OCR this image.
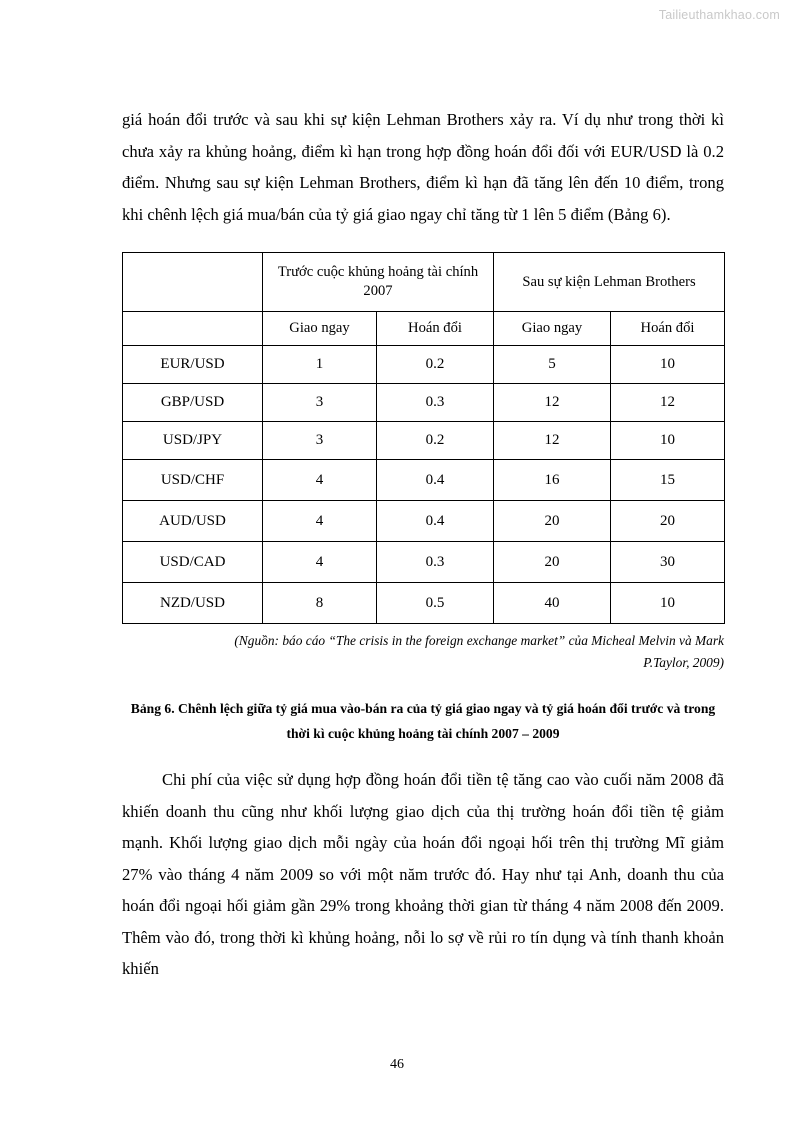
Tailieuthamkhao.com

giá hoán đổi trước và sau khi sự kiện Lehman Brothers xảy ra. Ví dụ như trong thời kì chưa xảy ra khủng hoảng, điểm kì hạn trong hợp đồng hoán đổi đối với EUR/USD là 0.2 điểm. Nhưng sau sự kiện Lehman Brothers, điểm kì hạn đã tăng lên đến 10 điểm, trong khi chênh lệch giá mua/bán của tỷ giá giao ngay chỉ tăng từ 1 lên 5 điểm (Bảng 6).

	Trước cuộc khủng hoảng tài chính 2007		Sau sự kiện Lehman Brothers	
	Giao ngay	Hoán đổi	Giao ngay	Hoán đổi
EUR/USD	1	0.2	5	10
GBP/USD	3	0.3	12	12
USD/JPY	3	0.2	12	10
USD/CHF	4	0.4	16	15
AUD/USD	4	0.4	20	20
USD/CAD	4	0.3	20	30
NZD/USD	8	0.5	40	10
(Nguồn: báo cáo “The crisis in the foreign exchange market” của Micheal Melvin và Mark
P.Taylor, 2009)
Bảng 6. Chênh lệch giữa tỷ giá mua vào-bán ra của tỷ giá giao ngay và tỷ giá hoán đổi trước và trong thời kì cuộc khủng hoảng tài chính 2007 – 2009

Chi phí của việc sử dụng hợp đồng hoán đổi tiền tệ tăng cao vào cuối năm 2008 đã khiến doanh thu cũng như khối lượng giao dịch của thị trường hoán đổi tiền tệ giảm mạnh. Khối lượng giao dịch mỗi ngày của hoán đổi ngoại hối trên thị trường Mĩ giảm 27% vào tháng 4 năm 2009 so với một năm trước đó. Hay như tại Anh, doanh thu của hoán đổi ngoại hối giảm gần 29% trong khoảng thời gian từ tháng 4 năm 2008 đến 2009. Thêm vào đó, trong thời kì khủng hoảng, nỗi lo sợ về rủi ro tín dụng và tính thanh khoản khiến

46
